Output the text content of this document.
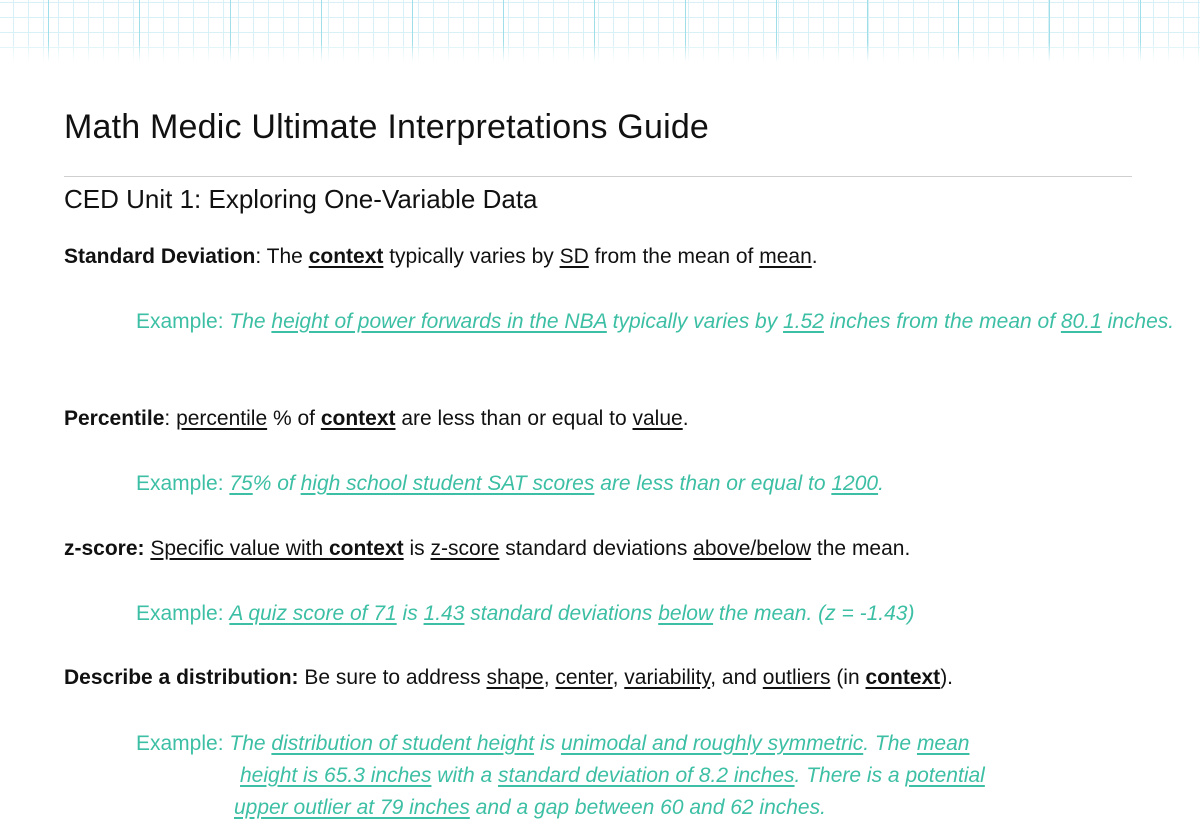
Math Medic Ultimate Interpretations Guide
CED Unit 1: Exploring One-Variable Data

Standard Deviation: The context typically varies by SD from the mean of mean.

Example: The height of power forwards in the NBA typically varies by 1.52 inches from the mean of 80.1 inches.

Percentile: percentile % of context are less than or equal to value.

Example: 75% of high school student SAT scores are less than or equal to 1200.

z-score: Specific value with context is z-score standard deviations above/below the mean.

Example: A quiz score of 71 is 1.43 standard deviations below the mean. (z = -1.43)

Describe a distribution: Be sure to address shape, center, variability, and outliers (in context).

Example: The distribution of student height is unimodal and roughly symmetric. The mean
height is 65.3 inches with a standard deviation of 8.2 inches. There is a potential
upper outlier at 79 inches and a gap between 60 and 62 inches.
